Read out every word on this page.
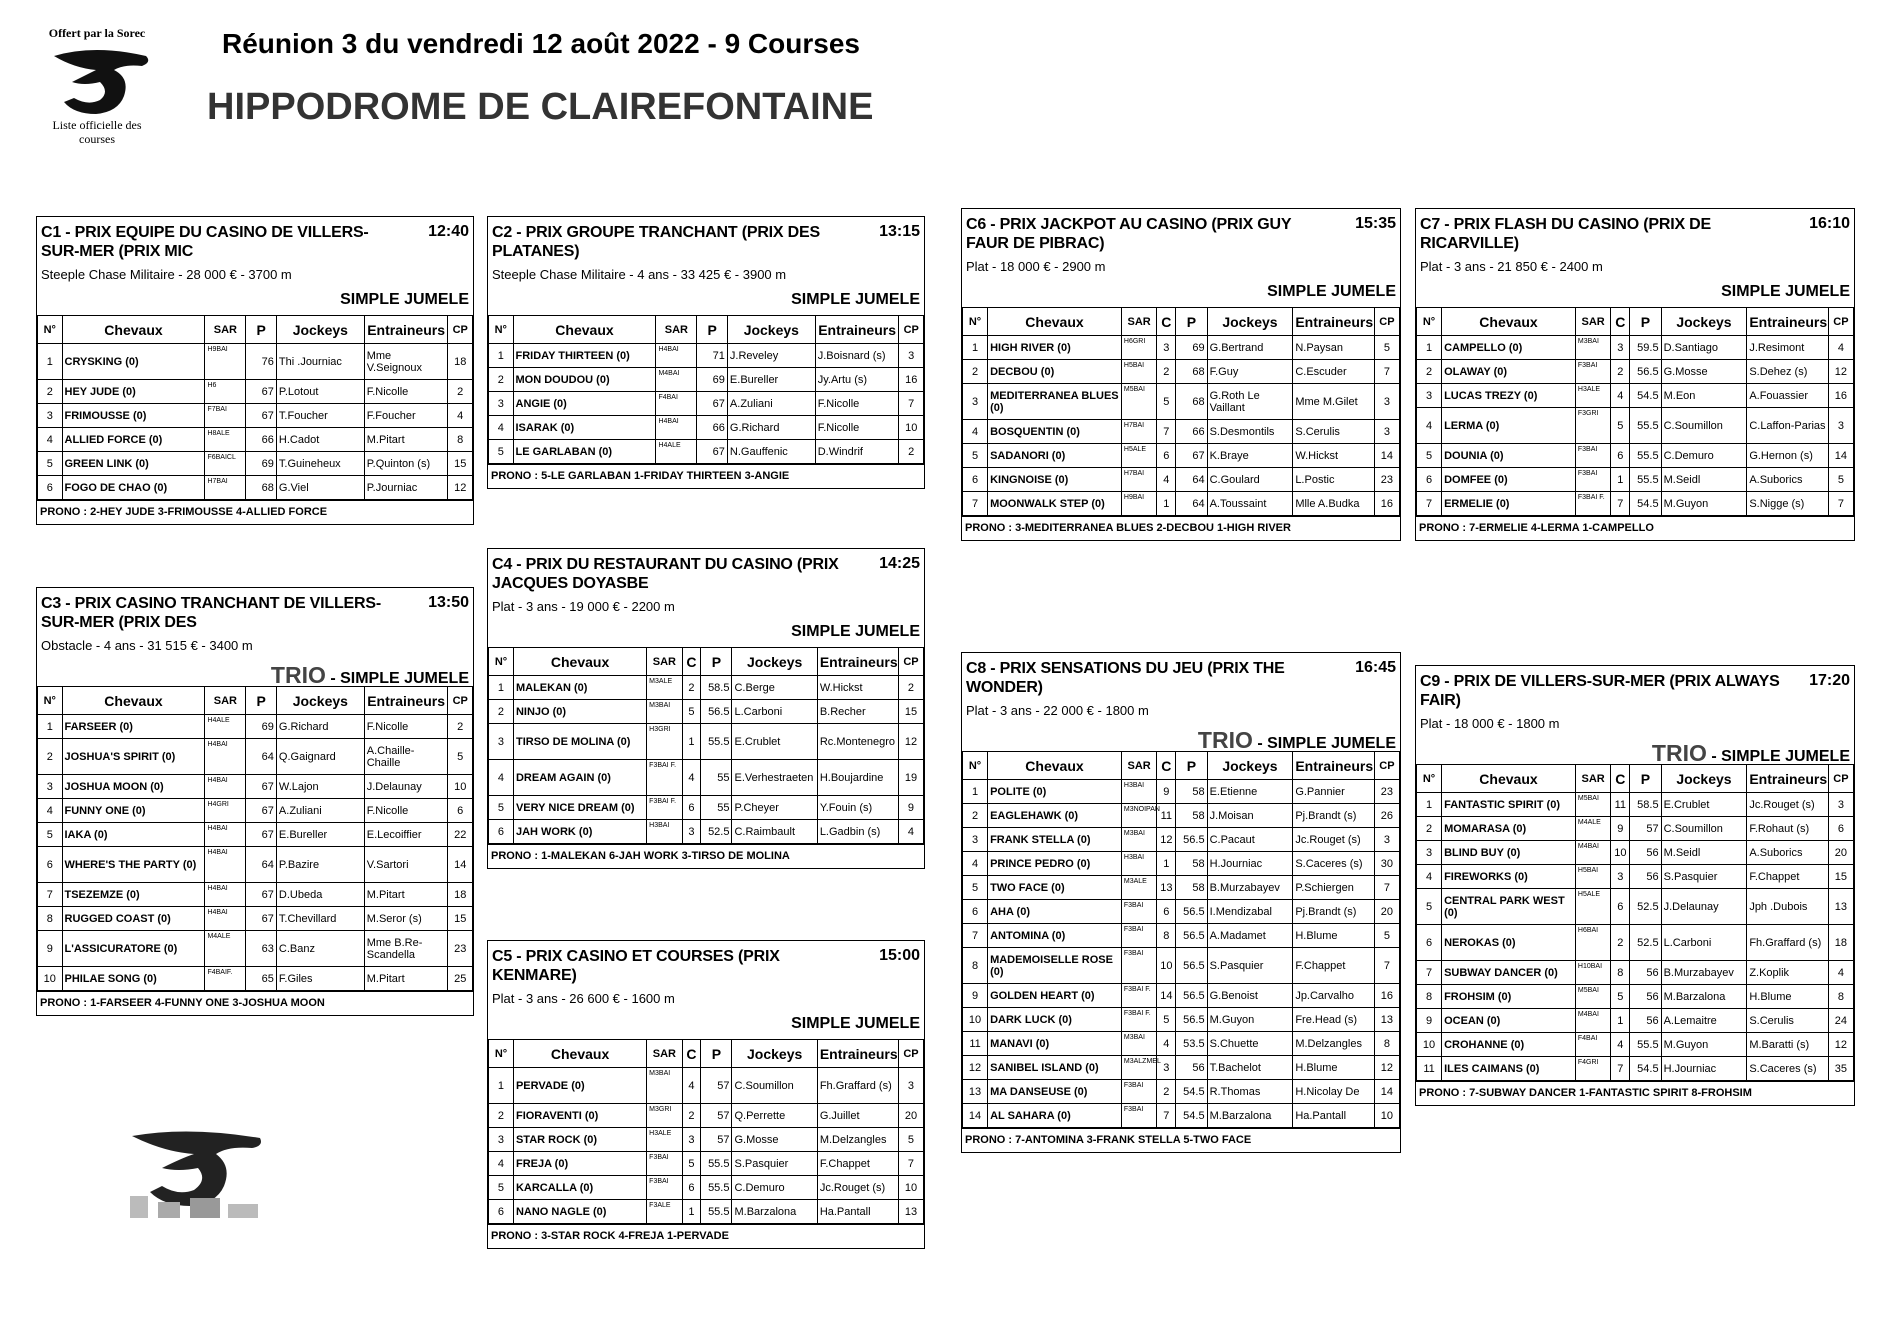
Offert par la Sorec
Liste officielle des courses
Réunion 3 du vendredi 12 août 2022 - 9 Courses
HIPPODROME DE CLAIREFONTAINE
C1 - PRIX EQUIPE DU CASINO DE VILLERS-SUR-MER (PRIX MIC
12:40
Steeple Chase Militaire - 28 000 € - 3700 m
SIMPLE JUMELE
N°	Chevaux	SAR	P	Jockeys	Entraineurs	CP
1	CRYSKING (0)	H9BAI	76	Thi .Journiac	Mme V.Seignoux	18
2	HEY JUDE (0)	H6	67	P.Lotout	F.Nicolle	2
3	FRIMOUSSE (0)	F7BAI	67	T.Foucher	F.Foucher	4
4	ALLIED FORCE (0)	H8ALE	66	H.Cadot	M.Pitart	8
5	GREEN LINK (0)	F6BAICL	69	T.Guineheux	P.Quinton (s)	15
6	FOGO DE CHAO (0)	H7BAI	68	G.Viel	P.Journiac	12
PRONO : 2-HEY JUDE 3-FRIMOUSSE 4-ALLIED FORCE
C2 - PRIX GROUPE TRANCHANT (PRIX DES PLATANES)
13:15
Steeple Chase Militaire - 4 ans - 33 425 € - 3900 m
SIMPLE JUMELE
N°	Chevaux	SAR	P	Jockeys	Entraineurs	CP
1	FRIDAY THIRTEEN (0)	H4BAI	71	J.Reveley	J.Boisnard (s)	3
2	MON DOUDOU (0)	M4BAI	69	E.Bureller	Jy.Artu (s)	16
3	ANGIE (0)	F4BAI	67	A.Zuliani	F.Nicolle	7
4	ISARAK (0)	H4BAI	66	G.Richard	F.Nicolle	10
5	LE GARLABAN (0)	H4ALE	67	N.Gauffenic	D.Windrif	2
PRONO : 5-LE GARLABAN 1-FRIDAY THIRTEEN 3-ANGIE
C3 - PRIX CASINO TRANCHANT DE VILLERS-SUR-MER (PRIX DES
13:50
Obstacle - 4 ans - 31 515 € - 3400 m
TRIO - SIMPLE JUMELE
N°	Chevaux	SAR	P	Jockeys	Entraineurs	CP
1	FARSEER (0)	H4ALE	69	G.Richard	F.Nicolle	2
2	JOSHUA'S SPIRIT (0)	H4BAI	64	Q.Gaignard	A.Chaille-Chaille	5
3	JOSHUA MOON (0)	H4BAI	67	W.Lajon	J.Delaunay	10
4	FUNNY ONE (0)	H4GRI	67	A.Zuliani	F.Nicolle	6
5	IAKA (0)	H4BAI	67	E.Bureller	E.Lecoiffier	22
6	WHERE'S THE PARTY (0)	H4BAI	64	P.Bazire	V.Sartori	14
7	TSEZEMZE (0)	H4BAI	67	D.Ubeda	M.Pitart	18
8	RUGGED COAST (0)	H4BAI	67	T.Chevillard	M.Seror (s)	15
9	L'ASSICURATORE (0)	M4ALE	63	C.Banz	Mme B.Re-Scandella	23
10	PHILAE SONG (0)	F4BAIF.	65	F.Giles	M.Pitart	25
PRONO : 1-FARSEER 4-FUNNY ONE 3-JOSHUA MOON
C4 - PRIX DU RESTAURANT DU CASINO (PRIX JACQUES DOYASBE
14:25
Plat - 3 ans - 19 000 € - 2200 m
SIMPLE JUMELE
N°	Chevaux	SAR	C	P	Jockeys	Entraineurs	CP
1	MALEKAN (0)	M3ALE	2	58.5	C.Berge	W.Hickst	2
2	NINJO (0)	M3BAI	5	56.5	L.Carboni	B.Recher	15
3	TIRSO DE MOLINA (0)	H3GRI	1	55.5	E.Crublet	Rc.Montenegro	12
4	DREAM AGAIN (0)	F3BAI F.	4	55	E.Verhestraeten	H.Boujardine	19
5	VERY NICE DREAM (0)	F3BAI F.	6	55	P.Cheyer	Y.Fouin (s)	9
6	JAH WORK (0)	H3BAI	3	52.5	C.Raimbault	L.Gadbin (s)	4
PRONO : 1-MALEKAN 6-JAH WORK 3-TIRSO DE MOLINA
C5 - PRIX CASINO ET COURSES (PRIX KENMARE)
15:00
Plat - 3 ans - 26 600 € - 1600 m
SIMPLE JUMELE
N°	Chevaux	SAR	C	P	Jockeys	Entraineurs	CP
1	PERVADE (0)	M3BAI	4	57	C.Soumillon	Fh.Graffard (s)	3
2	FIORAVENTI (0)	M3GRI	2	57	Q.Perrette	G.Juillet	20
3	STAR ROCK (0)	H3ALE	3	57	G.Mosse	M.Delzangles	5
4	FREJA (0)	F3BAI	5	55.5	S.Pasquier	F.Chappet	7
5	KARCALLA (0)	F3BAI	6	55.5	C.Demuro	Jc.Rouget (s)	10
6	NANO NAGLE (0)	F3ALE	1	55.5	M.Barzalona	Ha.Pantall	13
PRONO : 3-STAR ROCK 4-FREJA 1-PERVADE
C6 - PRIX JACKPOT AU CASINO (PRIX GUY FAUR DE PIBRAC)
15:35
Plat - 18 000 € - 2900 m
SIMPLE JUMELE
N°	Chevaux	SAR	C	P	Jockeys	Entraineurs	CP
1	HIGH RIVER (0)	H6GRI	3	69	G.Bertrand	N.Paysan	5
2	DECBOU (0)	H5BAI	2	68	F.Guy	C.Escuder	7
3	MEDITERRANEA BLUES (0)	M5BAI	5	68	G.Roth Le Vaillant	Mme M.Gilet	3
4	BOSQUENTIN (0)	H7BAI	7	66	S.Desmontils	S.Cerulis	3
5	SADANORI (0)	H5ALE	6	67	K.Braye	W.Hickst	14
6	KINGNOISE (0)	H7BAI	4	64	C.Goulard	L.Postic	23
7	MOONWALK STEP (0)	H9BAI	1	64	A.Toussaint	Mlle A.Budka	16
PRONO : 3-MEDITERRANEA BLUES 2-DECBOU 1-HIGH RIVER
C7 - PRIX FLASH DU CASINO (PRIX DE RICARVILLE)
16:10
Plat - 3 ans - 21 850 € - 2400 m
SIMPLE JUMELE
N°	Chevaux	SAR	C	P	Jockeys	Entraineurs	CP
1	CAMPELLO (0)	M3BAI	3	59.5	D.Santiago	J.Resimont	4
2	OLAWAY (0)	F3BAI	2	56.5	G.Mosse	S.Dehez (s)	12
3	LUCAS TREZY (0)	H3ALE	4	54.5	M.Eon	A.Fouassier	16
4	LERMA (0)	F3GRI	5	55.5	C.Soumillon	C.Laffon-Parias	3
5	DOUNIA (0)	F3BAI	6	55.5	C.Demuro	G.Hernon (s)	14
6	DOMFEE (0)	F3BAI	1	55.5	M.Seidl	A.Suborics	5
7	ERMELIE (0)	F3BAI F.	7	54.5	M.Guyon	S.Nigge (s)	7
PRONO : 7-ERMELIE 4-LERMA 1-CAMPELLO
C8 - PRIX SENSATIONS DU JEU (PRIX THE WONDER)
16:45
Plat - 3 ans - 22 000 € - 1800 m
TRIO - SIMPLE JUMELE
N°	Chevaux	SAR	C	P	Jockeys	Entraineurs	CP
1	POLITE (0)	H3BAI	9	58	E.Etienne	G.Pannier	23
2	EAGLEHAWK (0)	M3NOIPAN	11	58	J.Moisan	Pj.Brandt (s)	26
3	FRANK STELLA (0)	M3BAI	12	56.5	C.Pacaut	Jc.Rouget (s)	3
4	PRINCE PEDRO (0)	H3BAI	1	58	H.Journiac	S.Caceres (s)	30
5	TWO FACE (0)	M3ALE	13	58	B.Murzabayev	P.Schiergen	7
6	AHA (0)	F3BAI	6	56.5	I.Mendizabal	Pj.Brandt (s)	20
7	ANTOMINA (0)	F3BAI	8	56.5	A.Madamet	H.Blume	5
8	MADEMOISELLE ROSE (0)	F3BAI	10	56.5	S.Pasquier	F.Chappet	7
9	GOLDEN HEART (0)	F3BAI F.	14	56.5	G.Benoist	Jp.Carvalho	16
10	DARK LUCK (0)	F3BAI F.	5	56.5	M.Guyon	Fre.Head (s)	13
11	MANAVI (0)	M3BAI	4	53.5	S.Chuette	M.Delzangles	8
12	SANIBEL ISLAND (0)	M3ALZMEL	3	56	T.Bachelot	H.Blume	12
13	MA DANSEUSE (0)	F3BAI	2	54.5	R.Thomas	H.Nicolay De	14
14	AL SAHARA (0)	F3BAI	7	54.5	M.Barzalona	Ha.Pantall	10
PRONO : 7-ANTOMINA 3-FRANK STELLA 5-TWO FACE
C9 - PRIX DE VILLERS-SUR-MER (PRIX ALWAYS FAIR)
17:20
Plat - 18 000 € - 1800 m
TRIO - SIMPLE JUMELE
N°	Chevaux	SAR	C	P	Jockeys	Entraineurs	CP
1	FANTASTIC SPIRIT (0)	M5BAI	11	58.5	E.Crublet	Jc.Rouget (s)	3
2	MOMARASA (0)	M4ALE	9	57	C.Soumillon	F.Rohaut (s)	6
3	BLIND BUY (0)	M4BAI	10	56	M.Seidl	A.Suborics	20
4	FIREWORKS (0)	H5BAI	3	56	S.Pasquier	F.Chappet	15
5	CENTRAL PARK WEST (0)	H5ALE	6	52.5	J.Delaunay	Jph .Dubois	13
6	NEROKAS (0)	H6BAI	2	52.5	L.Carboni	Fh.Graffard (s)	18
7	SUBWAY DANCER (0)	H10BAI	8	56	B.Murzabayev	Z.Koplik	4
8	FROHSIM (0)	M5BAI	5	56	M.Barzalona	H.Blume	8
9	OCEAN (0)	M4BAI	1	56	A.Lemaitre	S.Cerulis	24
10	CROHANNE (0)	F4BAI	4	55.5	M.Guyon	M.Baratti (s)	12
11	ILES CAIMANS (0)	F4GRI	7	54.5	H.Journiac	S.Caceres (s)	35
PRONO : 7-SUBWAY DANCER 1-FANTASTIC SPIRIT 8-FROHSIM
